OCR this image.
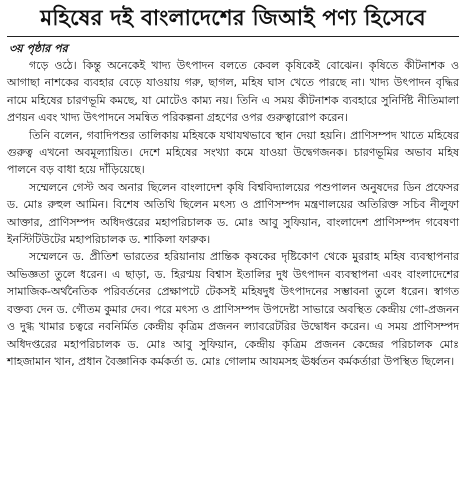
মহিষের দই বাংলাদেশের জিআই পণ্য হিসেবে
৩য় পৃষ্ঠার পর

গড়ে ওঠে। কিন্তু অনেকেই খাদ্য উৎপাদন বলতে কেবল কৃষিকেই বোঝেন। কৃষিতে কীটনাশক ও আগাছা নাশকের ব্যবহার বেড়ে যাওয়ায় গরু, ছাগল, মহিষ ঘাস খেতে পারছে না। খাদ্য উৎপাদন বৃদ্ধির নামে মহিষের চারণভূমি কমছে, যা মোটেও কাম্য নয়। তিনি এ সময় কীটনাশক ব্যবহারে সুনির্দিষ্ট নীতিমালা প্রণয়ন এবং খাদ্য উৎপাদনে সমন্বিত পরিকল্পনা গ্রহণের ওপর গুরুত্বারোপ করেন।

তিনি বলেন, গবাদিপশুর তালিকায় মহিষকে যথাযথভাবে স্থান দেয়া হয়নি। প্রাণিসম্পদ খাতে মহিষের গুরুত্ব এখনো অবমূল্যায়িত। দেশে মহিষের সংখ্যা কমে যাওয়া উদ্বেগজনক। চারণভূমির অভাব মহিষ পালনে বড় বাধা হয়ে দাঁড়িয়েছে।

সম্মেলনে গেস্ট অব অনার ছিলেন বাংলাদেশ কৃষি বিশ্ববিদ্যালয়ের পশুপালন অনুষদের ডিন প্রফেসর ড. মোঃ রুহুল আমিন। বিশেষ অতিথি ছিলেন মৎস্য ও প্রাণিসম্পদ মন্ত্রণালয়ের অতিরিক্ত সচিব নীলুফা আক্তার, প্রাণিসম্পদ অধিদপ্তরের মহাপরিচালক ড. মোঃ আবু সুফিয়ান, বাংলাদেশ প্রাণিসম্পদ গবেষণা ইনস্টিটিউটের মহাপরিচালক ড. শাকিলা ফারুক।

সম্মেলনে ড. প্রীতিশ ভারতের হরিয়ানায় প্রান্তিক কৃষকের দৃষ্টিকোণ থেকে মুররাহ মহিষ ব্যবস্থাপনার অভিজ্ঞতা তুলে ধরেন। এ ছাড়া, ড. হিরণ্ময় বিশ্বাস ইতালির দুধ উৎপাদন ব্যবস্থাপনা এবং বাংলাদেশের সামাজিক-অর্থনৈতিক পরিবর্তনের প্রেক্ষাপটে টেকসই মহিষদুধ উৎপাদনের সম্ভাবনা তুলে ধরেন। স্বাগত বক্তব্য দেন ড. গৌতম কুমার দেব। পরে মৎস্য ও প্রাণিসম্পদ উপদেষ্টা সাভারে অবস্থিত কেন্দ্রীয় গো-প্রজনন ও দুগ্ধ খামার চত্বরে নবনির্মিত কেন্দ্রীয় কৃত্রিম প্রজনন ল্যাবরেটরির উদ্বোধন করেন। এ সময় প্রাণিসম্পদ অধিদপ্তরের মহাপরিচালক ড. মোঃ আবু সুফিয়ান, কেন্দ্রীয় কৃত্রিম প্রজনন কেন্দ্রের পরিচালক মোঃ শাহজামান খান, প্রধান বৈজ্ঞানিক কর্মকর্তা ড. মোঃ গোলাম আযমসহ ঊর্ধ্বতন কর্মকর্তারা উপস্থিত ছিলেন।
